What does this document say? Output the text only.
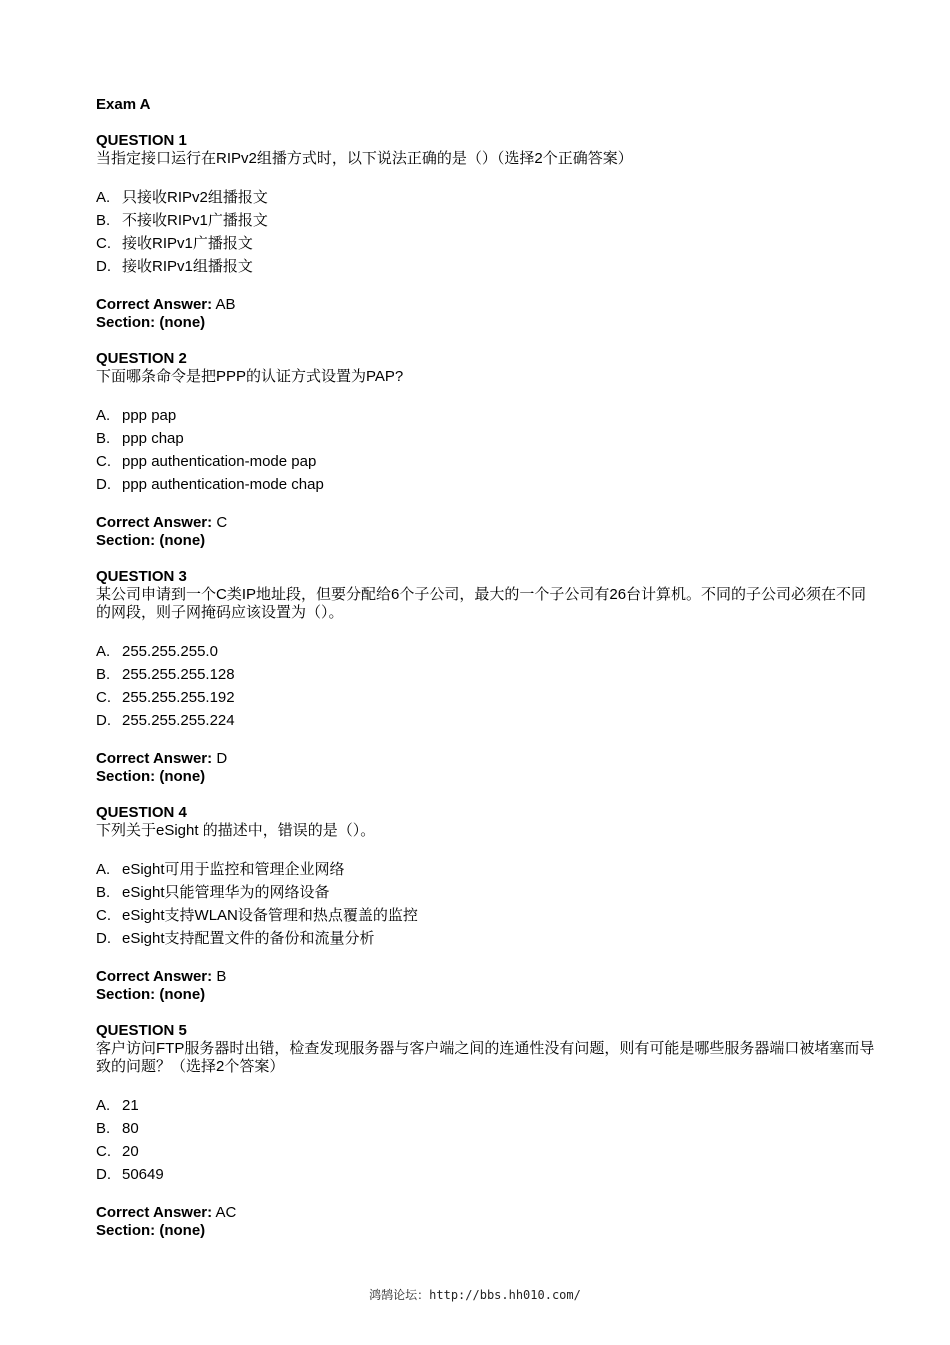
Exam A
QUESTION 1
当指定接口运行在RIPv2组播方式时，以下说法正确的是（）（选择2个正确答案）
A. 只接收RIPv2组播报文
B. 不接收RIPv1广播报文
C. 接收RIPv1广播报文
D. 接收RIPv1组播报文
Correct Answer: AB
Section: (none)
QUESTION 2
下面哪条命令是把PPP的认证方式设置为PAP?
A. ppp pap
B. ppp chap
C. ppp authentication-mode pap
D. ppp authentication-mode chap
Correct Answer: C
Section: (none)
QUESTION 3
某公司申请到一个C类IP地址段，但要分配给6个子公司，最大的一个子公司有26台计算机。不同的子公司必须在不同的网段，则子网掩码应该设置为（）。
A. 255.255.255.0
B. 255.255.255.128
C. 255.255.255.192
D. 255.255.255.224
Correct Answer: D
Section: (none)
QUESTION 4
下列关于eSight 的描述中，错误的是（）。
A. eSight可用于监控和管理企业网络
B. eSight只能管理华为的网络设备
C. eSight支持WLAN设备管理和热点覆盖的监控
D. eSight支持配置文件的备份和流量分析
Correct Answer: B
Section: (none)
QUESTION 5
客户访问FTP服务器时出错，检查发现服务器与客户端之间的连通性没有问题，则有可能是哪些服务器端口被堵塞而导致的问题？（选择2个答案）
A. 21
B. 80
C. 20
D. 50649
Correct Answer: AC
Section: (none)
鸿鹄论坛：http://bbs.hh010.com/
